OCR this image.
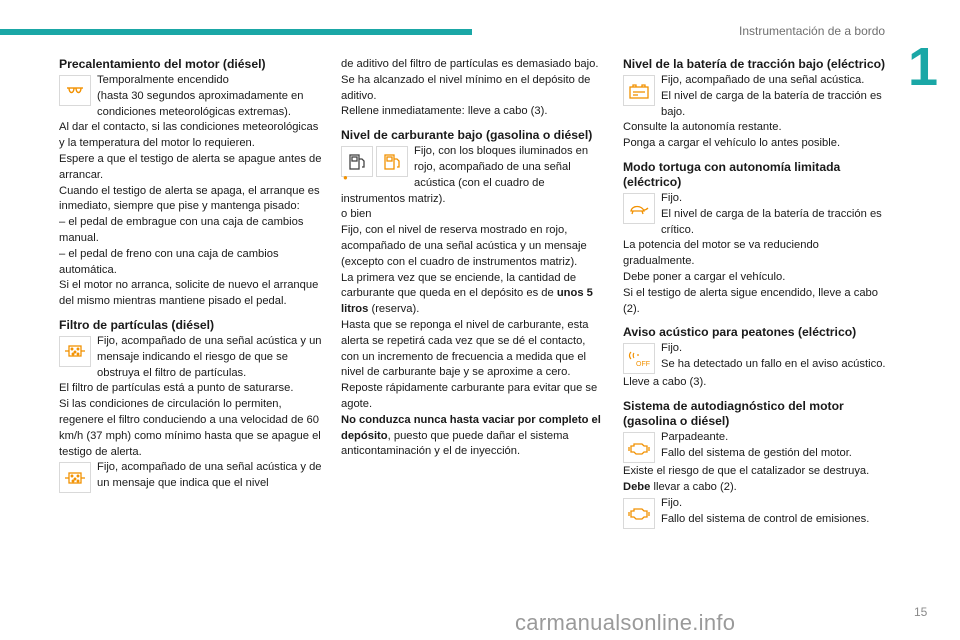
Instrumentación de a bordo
1
Precalentamiento del motor (diésel)

Temporalmente encendido

(hasta 30 segundos aproximadamente en condiciones meteorológicas extremas).

Al dar el contacto, si las condiciones meteorológicas y la temperatura del motor lo requieren.

Espere a que el testigo de alerta se apague antes de arrancar.

Cuando el testigo de alerta se apaga, el arranque es inmediato, siempre que pise y mantenga pisado:

– el pedal de embrague con una caja de cambios manual.

– el pedal de freno con una caja de cambios automática.

Si el motor no arranca, solicite de nuevo el arranque del mismo mientras mantiene pisado el pedal.

Filtro de partículas (diésel)
Fijo, acompañado de una señal acústica y un mensaje indicando el riesgo de que se obstruya el filtro de partículas.

El filtro de partículas está a punto de saturarse.

Si las condiciones de circulación lo permiten, regenere el filtro conduciendo a una velocidad de 60 km/h (37 mph) como mínimo hasta que se apague el testigo de alerta.

Fijo, acompañado de una señal acústica y de un mensaje que indica que el nivel

de aditivo del filtro de partículas es demasiado bajo.

Se ha alcanzado el nivel mínimo en el depósito de aditivo.

Rellene inmediatamente: lleve a cabo (3).

Nivel de carburante bajo (gasolina o diésel)
●
Fijo, con los bloques iluminados en rojo, acompañado de una señal acústica (con el cuadro de instrumentos matriz).

o bien

Fijo, con el nivel de reserva mostrado en rojo, acompañado de una señal acústica y un mensaje (excepto con el cuadro de instrumentos matriz).

La primera vez que se enciende, la cantidad de carburante que queda en el depósito es de unos 5 litros (reserva).

Hasta que se reponga el nivel de carburante, esta alerta se repetirá cada vez que se dé el contacto, con un incremento de frecuencia a medida que el nivel de carburante baje y se aproxime a cero.

Reposte rápidamente carburante para evitar que se agote.

No conduzca nunca hasta vaciar por completo el depósito, puesto que puede dañar el sistema anticontaminación y el de inyección.

Nivel de la batería de tracción bajo (eléctrico)

Fijo, acompañado de una señal acústica.

El nivel de carga de la batería de tracción es bajo.

Consulte la autonomía restante.

Ponga a cargar el vehículo lo antes posible.

Modo tortuga con autonomía limitada (eléctrico)

Fijo.

El nivel de carga de la batería de tracción es crítico.

La potencia del motor se va reduciendo gradualmente.

Debe poner a cargar el vehículo.

Si el testigo de alerta sigue encendido, lleve a cabo (2).

Aviso acústico para peatones (eléctrico)
OFF

Fijo.

Se ha detectado un fallo en el aviso acústico.

Lleve a cabo (3).

Sistema de autodiagnóstico del motor (gasolina o diésel)

Parpadeante.

Fallo del sistema de gestión del motor.

Existe el riesgo de que el catalizador se destruya.

Debe llevar a cabo (2).

Fijo.

Fallo del sistema de control de emisiones.
carmanualsonline.info	15
